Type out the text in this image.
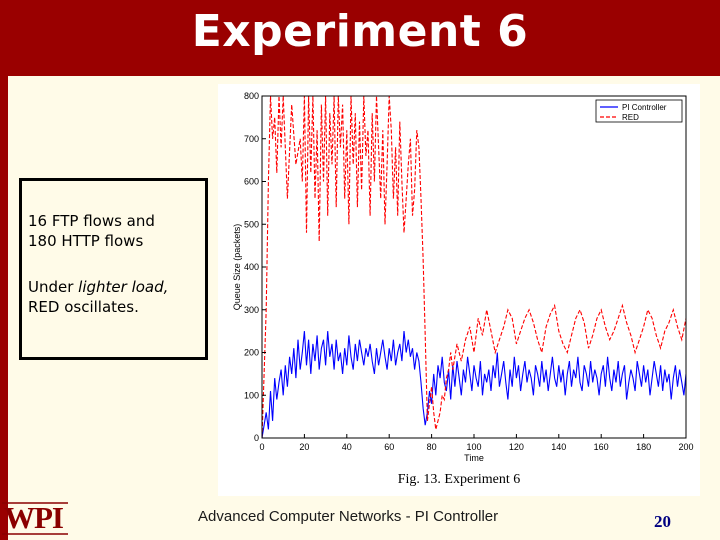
Experiment 6

16 FTP flows and

180 HTTP flows

Under lighter load,

RED oscillates.

0	20	40	60	80	100	120	140	160	180	200
0
100
200
300
400
500
600
700
800
Time
Queue Size (packets)
PI Controller
RED
Fig. 13. Experiment 6
WPI	Advanced Computer Networks - PI Controller	20
